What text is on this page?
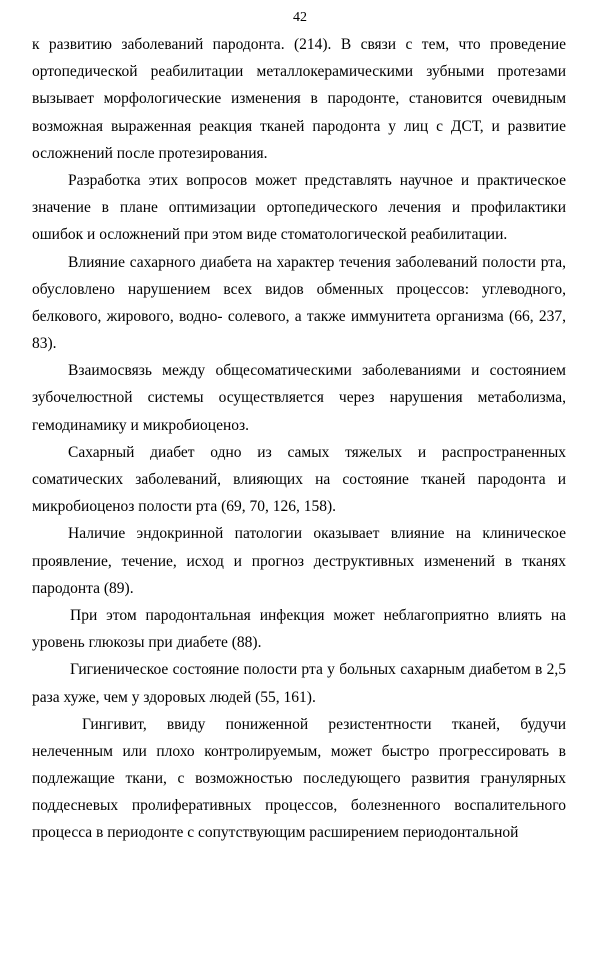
42
к развитию заболеваний пародонта. (214). В связи с тем, что проведение
ортопедической реабилитации металлокерамическими зубными протезами
вызывает морфологические изменения в пародонте, становится очевидным
возможная выраженная реакция тканей пародонта у лиц с ДСТ, и развитие
осложнений после протезирования.
Разработка этих вопросов может представлять научное и практическое
значение в плане оптимизации ортопедического лечения и профилактики
ошибок и осложнений при этом виде стоматологической реабилитации.
Влияние сахарного диабета на характер течения заболеваний полости рта,
обусловлено нарушением всех видов обменных процессов: углеводного,
белкового, жирового, водно- солевого, а также иммунитета организма (66, 237,
83).
Взаимосвязь между общесоматическими заболеваниями и состоянием
зубочелюстной системы осуществляется через нарушения метаболизма,
гемодинамику и микробиоценоз.
Сахарный диабет одно из самых тяжелых и распространенных
соматических заболеваний, влияющих на состояние тканей пародонта и
микробиоценоз полости рта (69, 70, 126, 158).
Наличие эндокринной патологии оказывает влияние на клиническое
проявление, течение, исход и прогноз деструктивных изменений в тканях
пародонта (89).
При этом пародонтальная инфекция может неблагоприятно влиять на
уровень глюкозы при диабете (88).
Гигиеническое состояние полости рта у больных сахарным диабетом в 2,5
раза хуже, чем у здоровых людей (55, 161).
Гингивит, ввиду пониженной резистентности тканей, будучи
нелеченным или плохо контролируемым, может быстро прогрессировать в
подлежащие ткани, с возможностью последующего развития гранулярных
поддесневых пролиферативных процессов, болезненного воспалительного
процесса в периодонте с сопутствующим расширением периодонтальной
